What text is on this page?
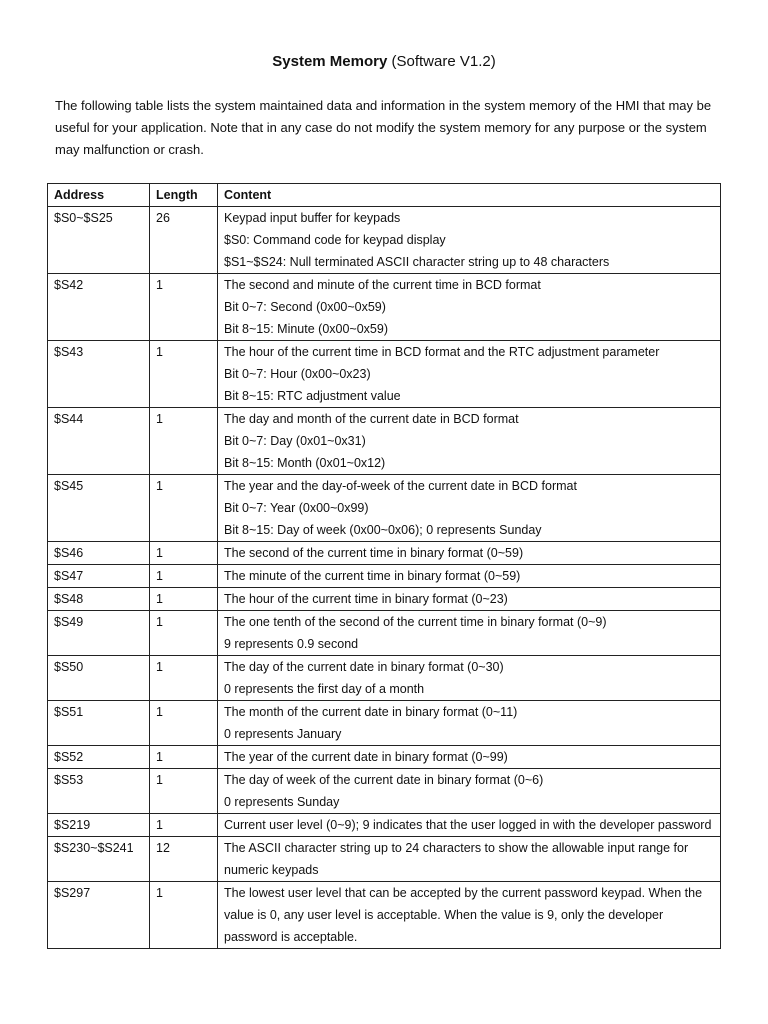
System Memory (Software V1.2)

The following table lists the system maintained data and information in the system memory of the HMI that may be useful for your application. Note that in any case do not modify the system memory for any purpose or the system may malfunction or crash.

Address	Length	Content
$S0~$S25	26	Keypad input buffer for keypads
$S0: Command code for keypad display
$S1~$S24: Null terminated ASCII character string up to 48 characters

$S42	1	The second and minute of the current time in BCD format
Bit 0~7: Second (0x00~0x59)
Bit 8~15: Minute (0x00~0x59)

$S43	1	The hour of the current time in BCD format and the RTC adjustment parameter
Bit 0~7: Hour (0x00~0x23)
Bit 8~15: RTC adjustment value

$S44	1	The day and month of the current date in BCD format
Bit 0~7: Day (0x01~0x31)
Bit 8~15: Month (0x01~0x12)

$S45	1	The year and the day-of-week of the current date in BCD format
Bit 0~7: Year (0x00~0x99)
Bit 8~15: Day of week (0x00~0x06); 0 represents Sunday

$S46	1	The second of the current time in binary format (0~59)

$S47	1	The minute of the current time in binary format (0~59)

$S48	1	The hour of the current time in binary format (0~23)

$S49	1	The one tenth of the second of the current time in binary format (0~9)
9 represents 0.9 second

$S50	1	The day of the current date in binary format (0~30)
0 represents the first day of a month

$S51	1	The month of the current date in binary format (0~11)
0 represents January

$S52	1	The year of the current date in binary format (0~99)

$S53	1	The day of week of the current date in binary format (0~6)
0 represents Sunday

$S219	1	Current user level (0~9); 9 indicates that the user logged in with the developer password

$S230~$S241	12	The ASCII character string up to 24 characters to show the allowable input range for numeric keypads

$S297	1	The lowest user level that can be accepted by the current password keypad. When the value is 0, any user level is acceptable. When the value is 9, only the developer password is acceptable.
